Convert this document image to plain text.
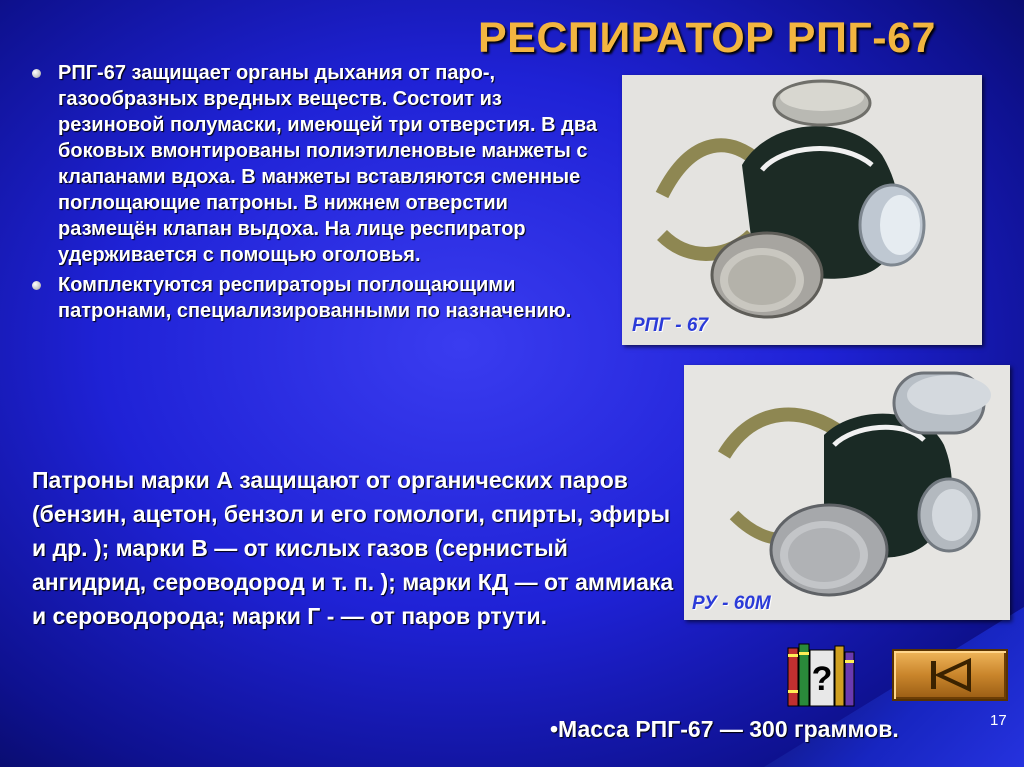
РЕСПИРАТОР РПГ-67
РПГ-67 защищает органы дыхания от паро-, газообразных вредных веществ. Состоит из резиновой полумаски, имеющей три отверстия. В два боковых вмонтированы полиэтиленовые манжеты с клапанами вдоха. В манжеты вставляются сменные поглощающие патроны. В нижнем отверстии размещён клапан выдоха. На лице респиратор удерживается с помощью оголовья.
Комплектуются респираторы поглощающими патронами, специализированными по назначению.

Патроны марки А защищают от органических паров (бензин, ацетон, бензол и его гомологи, спирты, эфиры и др. ); марки В — от кислых газов (сернистый ангидрид, сероводород и т. п. ); марки КД — от аммиака и сероводорода; марки Г - — от паров ртути.

РПГ - 67
РУ - 60М
?

•Масса РПГ-67 — 300 граммов.	17
